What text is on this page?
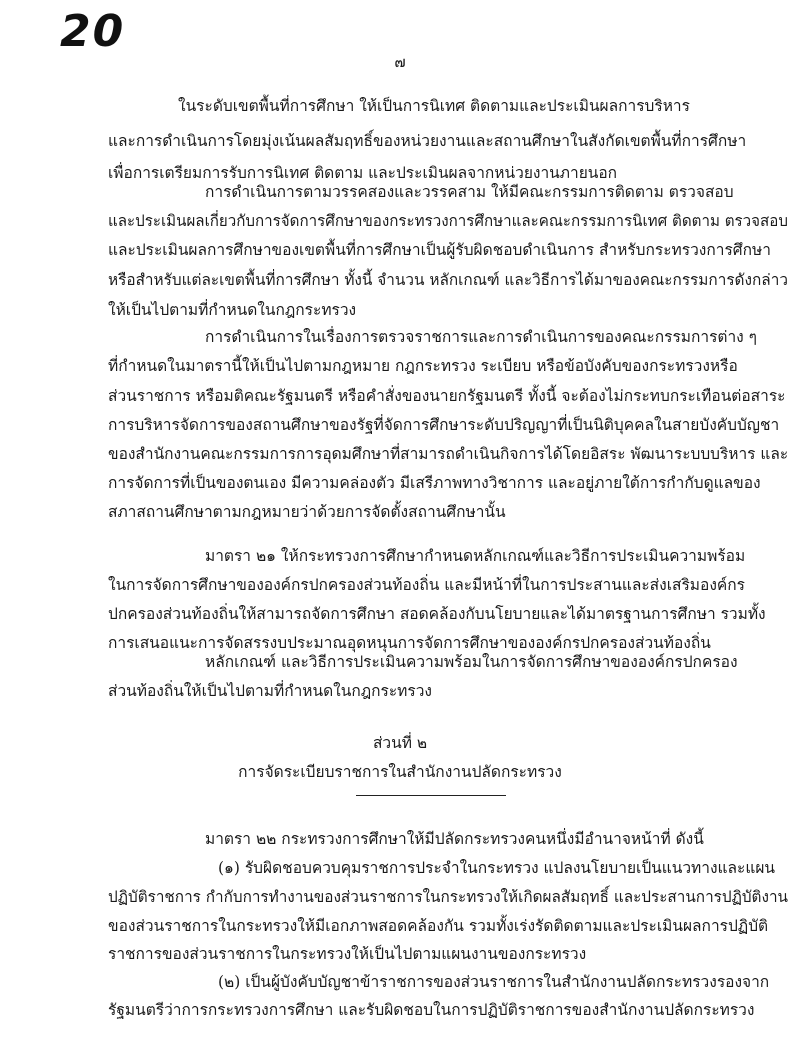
20
๗
ในระดับเขตพื้นที่การศึกษา ให้เป็นการนิเทศ ติดตามและประเมินผลการบริหาร
และการดำเนินการโดยมุ่งเน้นผลสัมฤทธิ์ของหน่วยงานและสถานศึกษาในสังกัดเขตพื้นที่การศึกษา
เพื่อการเตรียมการรับการนิเทศ ติดตาม และประเมินผลจากหน่วยงานภายนอก
การดำเนินการตามวรรคสองและวรรคสาม ให้มีคณะกรรมการติดตาม ตรวจสอบ
และประเมินผลเกี่ยวกับการจัดการศึกษาของกระทรวงการศึกษาและคณะกรรมการนิเทศ ติดตาม ตรวจสอบ
และประเมินผลการศึกษาของเขตพื้นที่การศึกษาเป็นผู้รับผิดชอบดำเนินการ สำหรับกระทรวงการศึกษา
หรือสำหรับแต่ละเขตพื้นที่การศึกษา ทั้งนี้ จำนวน หลักเกณฑ์ และวิธีการได้มาของคณะกรรมการดังกล่าว
ให้เป็นไปตามที่กำหนดในกฎกระทรวง
การดำเนินการในเรื่องการตรวจราชการและการดำเนินการของคณะกรรมการต่าง ๆ
ที่กำหนดในมาตรานี้ให้เป็นไปตามกฎหมาย กฎกระทรวง ระเบียบ หรือข้อบังคับของกระทรวงหรือ
ส่วนราชการ หรือมติคณะรัฐมนตรี หรือคำสั่งของนายกรัฐมนตรี ทั้งนี้ จะต้องไม่กระทบกระเทือนต่อสาระ
การบริหารจัดการของสถานศึกษาของรัฐที่จัดการศึกษาระดับปริญญาที่เป็นนิติบุคคลในสายบังคับบัญชา
ของสำนักงานคณะกรรมการการอุดมศึกษาที่สามารถดำเนินกิจการได้โดยอิสระ พัฒนาระบบบริหาร และ
การจัดการที่เป็นของตนเอง มีความคล่องตัว มีเสรีภาพทางวิชาการ และอยู่ภายใต้การกำกับดูแลของ
สภาสถานศึกษาตามกฎหมายว่าด้วยการจัดตั้งสถานศึกษานั้น
มาตรา ๒๑ ให้กระทรวงการศึกษากำหนดหลักเกณฑ์และวิธีการประเมินความพร้อม
ในการจัดการศึกษาขององค์กรปกครองส่วนท้องถิ่น และมีหน้าที่ในการประสานและส่งเสริมองค์กร
ปกครองส่วนท้องถิ่นให้สามารถจัดการศึกษา สอดคล้องกับนโยบายและได้มาตรฐานการศึกษา รวมทั้ง
การเสนอแนะการจัดสรรงบประมาณอุดหนุนการจัดการศึกษาขององค์กรปกครองส่วนท้องถิ่น
หลักเกณฑ์ และวิธีการประเมินความพร้อมในการจัดการศึกษาขององค์กรปกครอง
ส่วนท้องถิ่นให้เป็นไปตามที่กำหนดในกฎกระทรวง
ส่วนที่ ๒
การจัดระเบียบราชการในสำนักงานปลัดกระทรวง
มาตรา ๒๒ กระทรวงการศึกษาให้มีปลัดกระทรวงคนหนึ่งมีอำนาจหน้าที่ ดังนี้
(๑) รับผิดชอบควบคุมราชการประจำในกระทรวง แปลงนโยบายเป็นแนวทางและแผน
ปฏิบัติราชการ กำกับการทำงานของส่วนราชการในกระทรวงให้เกิดผลสัมฤทธิ์ และประสานการปฏิบัติงาน
ของส่วนราชการในกระทรวงให้มีเอกภาพสอดคล้องกัน รวมทั้งเร่งรัดติดตามและประเมินผลการปฏิบัติ
ราชการของส่วนราชการในกระทรวงให้เป็นไปตามแผนงานของกระทรวง
(๒) เป็นผู้บังคับบัญชาข้าราชการของส่วนราชการในสำนักงานปลัดกระทรวงรองจาก
รัฐมนตรีว่าการกระทรวงการศึกษา และรับผิดชอบในการปฏิบัติราชการของสำนักงานปลัดกระทรวง
